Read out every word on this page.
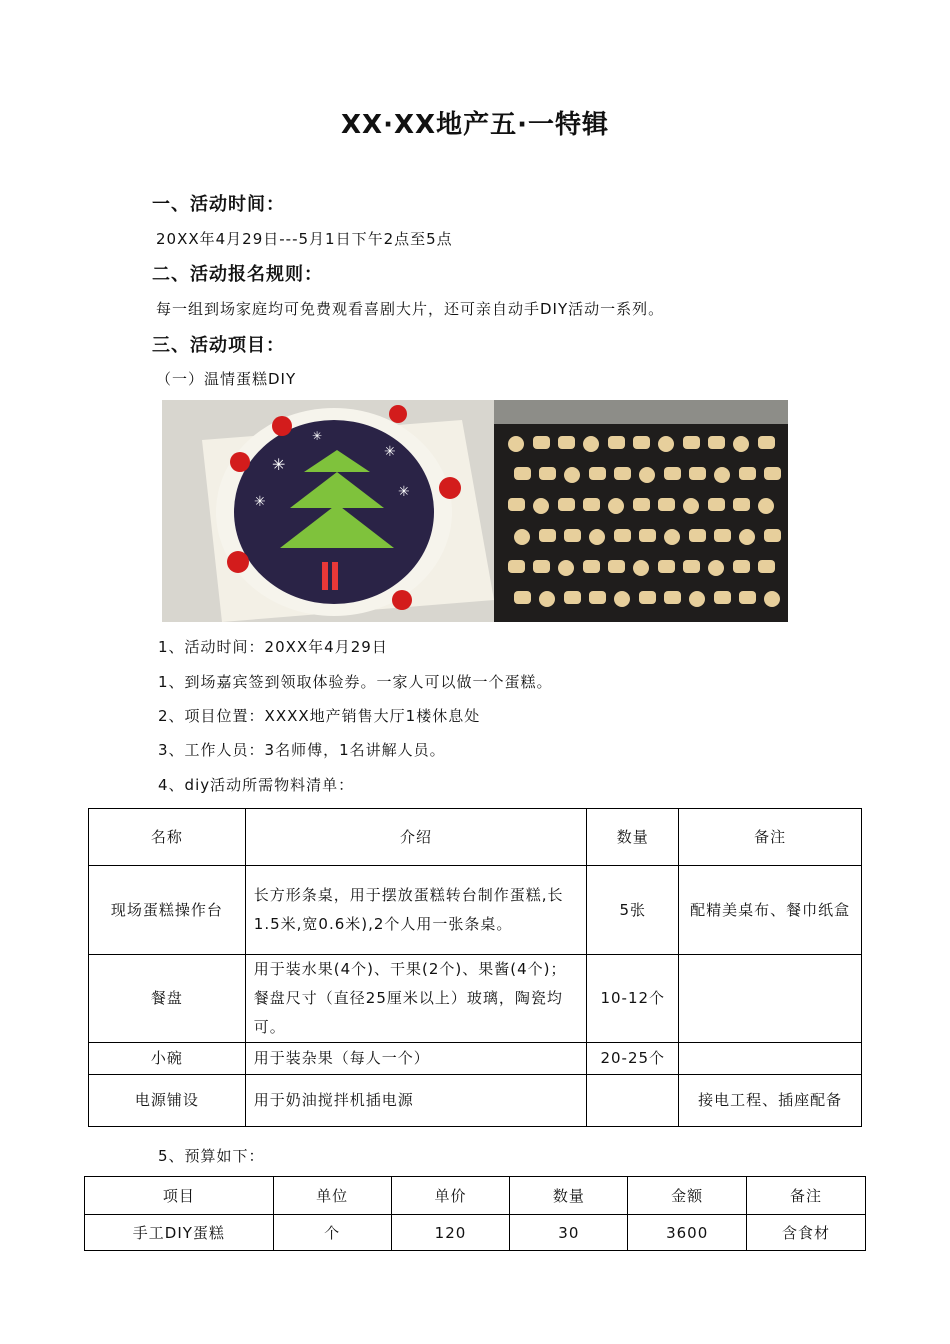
XX·XX地产五·一特辑
一、活动时间：
20XX年4月29日---5月1日下午2点至5点
二、活动报名规则：
每一组到场家庭均可免费观看喜剧大片，还可亲自动手DIY活动一系列。
三、活动项目：
（一）温情蛋糕DIY
✳
✳
✳
✳
✳
1、活动时间：20XX年4月29日
1、到场嘉宾签到领取体验券。一家人可以做一个蛋糕。
2、项目位置：XXXX地产销售大厅1楼休息处
3、工作人员：3名师傅，1名讲解人员。
4、diy活动所需物料清单：
名称	介绍	数量	备注
现场蛋糕操作台	长方形条桌，用于摆放蛋糕转台制作蛋糕,长1.5米,宽0.6米),2个人用一张条桌。	5张	配精美桌布、餐巾纸盒
餐盘	用于装水果(4个)、干果(2个)、果酱(4个)；餐盘尺寸（直径25厘米以上）玻璃，陶瓷均可。	10-12个	
小碗	用于装杂果（每人一个）	20-25个	
电源铺设	用于奶油搅拌机插电源		接电工程、插座配备
5、预算如下：
项目	单位	单价	数量	金额	备注
手工DIY蛋糕	个	120	30	3600	含食材
